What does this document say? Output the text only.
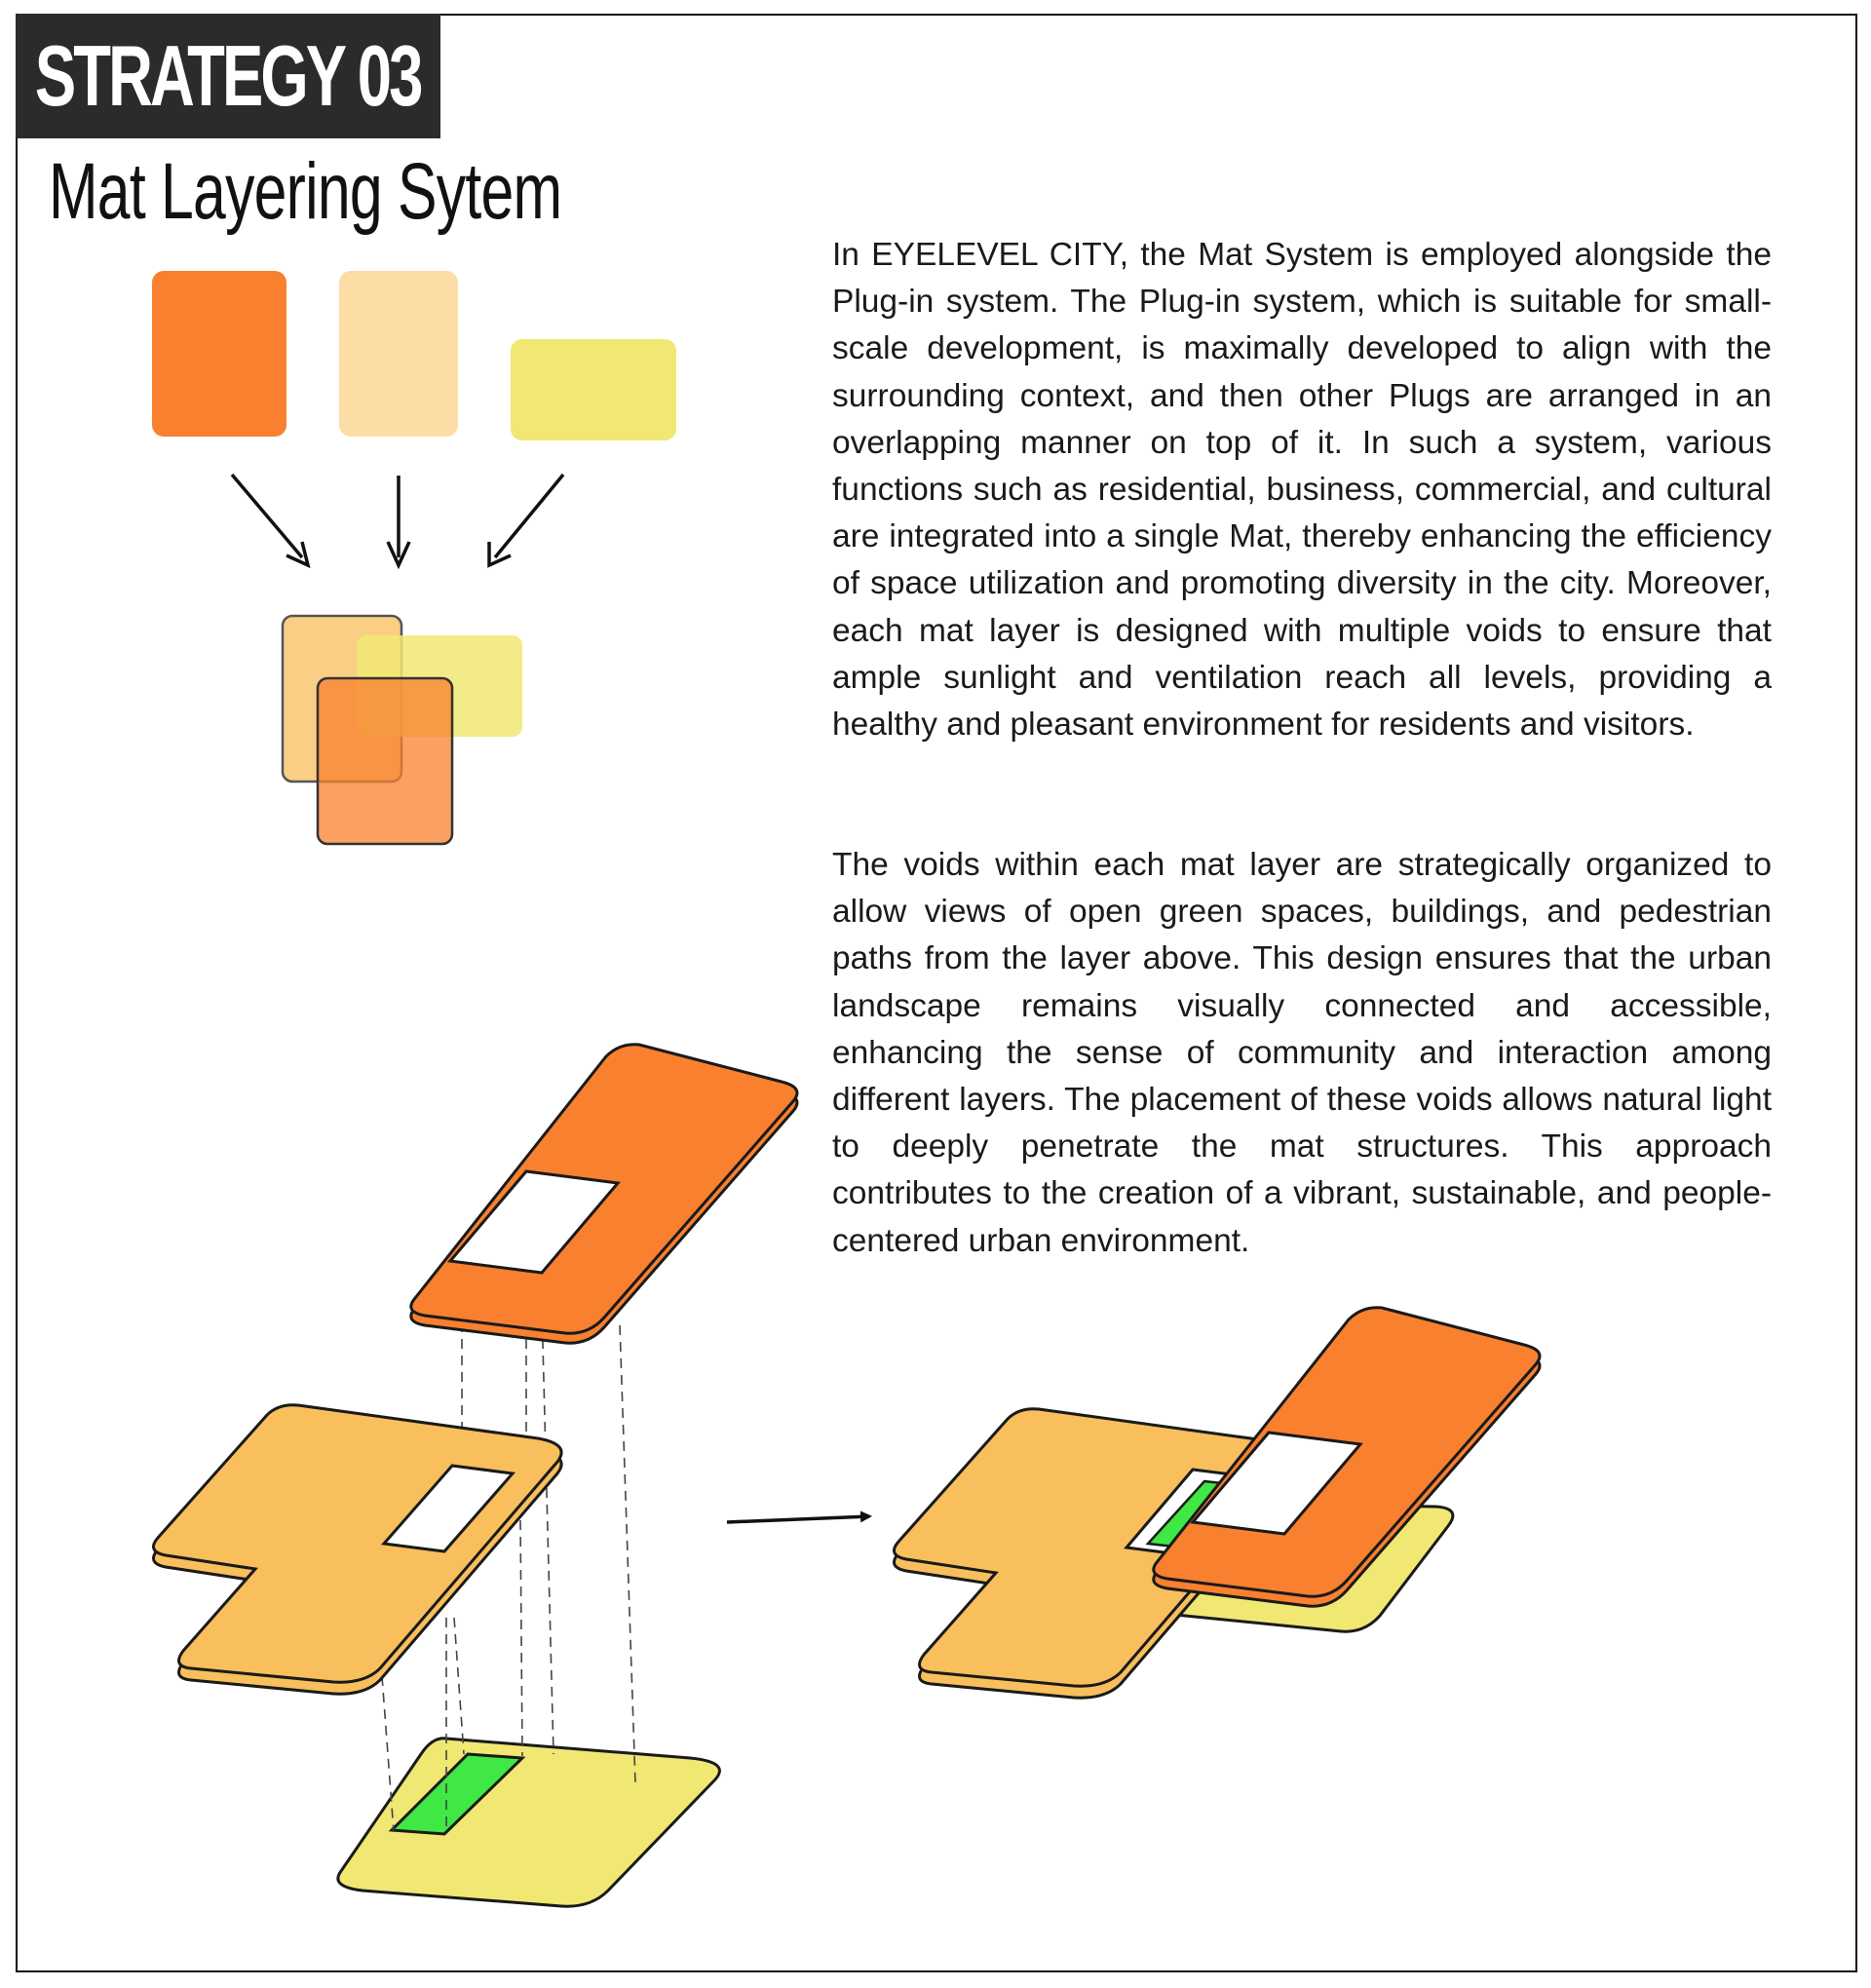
STRATEGY 03
Mat Layering Sytem

In EYELEVEL CITY, the Mat System is employed alongside the Plug-in system. The Plug-in system, which is suitable for small-scale development, is maximally developed to align with the surrounding context, and then other Plugs are arranged in an overlapping manner on top of it. In such a system, various functions such as residential, business, commercial, and cultural are integrated into a single Mat, thereby enhancing the efficiency of space utilization and promoting diversity in the city. Moreover, each mat layer is designed with multiple voids to ensure that ample sunlight and ventilation reach all levels, providing a healthy and pleasant environment for residents and visitors.

The voids within each mat layer are strategically organized to allow views of open green spaces, buildings, and pedestrian paths from the layer above. This design ensures that the urban landscape remains visually connected and accessible, enhancing the sense of community and interaction among different layers. The placement of these voids allows natural light to deeply penetrate the mat structures. This approach contributes to the creation of a vibrant, sustainable, and people-centered urban environment.
